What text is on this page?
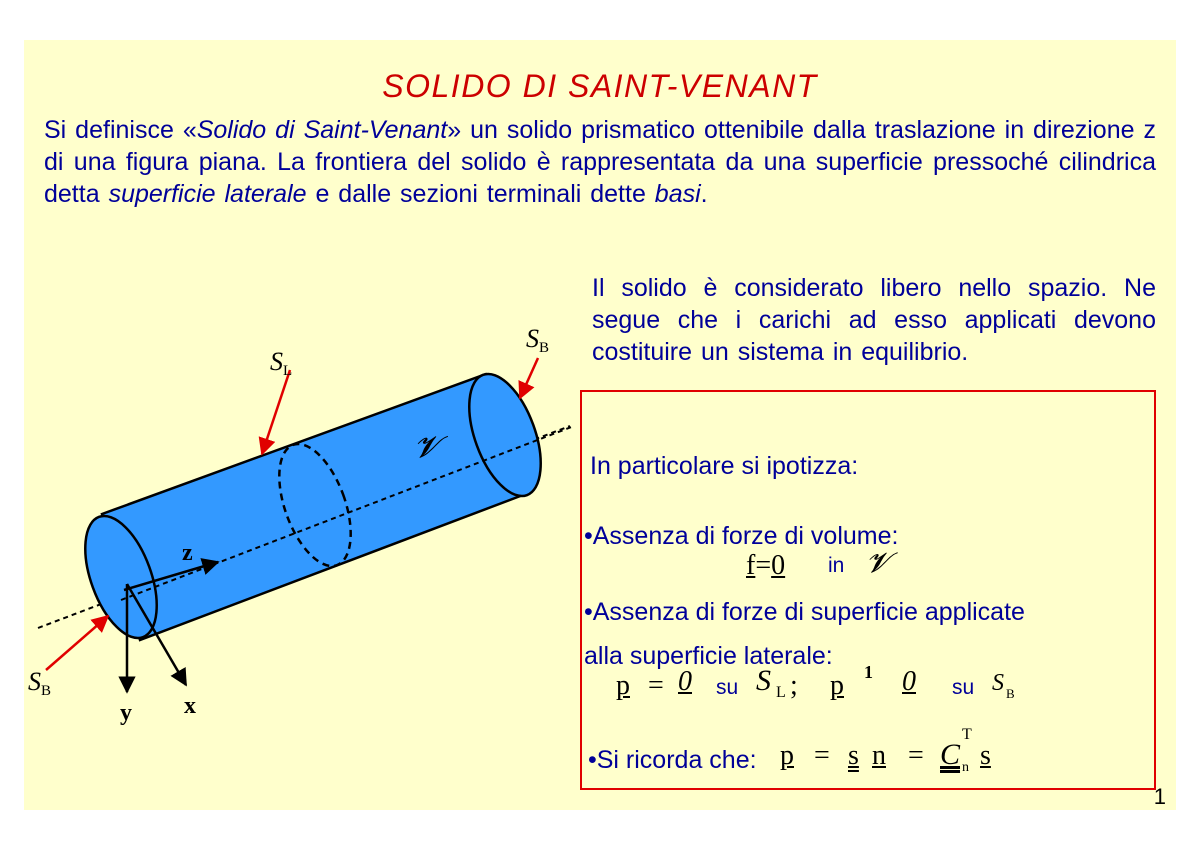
SOLIDO DI SAINT-VENANT
Si definisce «Solido di Saint-Venant» un solido prismatico ottenibile dalla traslazione in direzione z di una figura piana. La frontiera del solido è rappresentata da una superficie pressoché cilindrica detta superficie laterale e dalle sezioni terminali dette basi.
Il solido è considerato libero nello spazio. Ne segue che i carichi ad esso applicati devono costituire un sistema in equilibrio.
SL
SB
SB
𝓥
z
y x
In particolare si ipotizza:
•Assenza di forze di volume:
f=0 in 𝓥
•Assenza di forze di superficie applicate
alla superficie laterale:
p = 0 su S L ; p 1 0 su S B
•Si ricorda che: p = s n = C n
T
s
1
